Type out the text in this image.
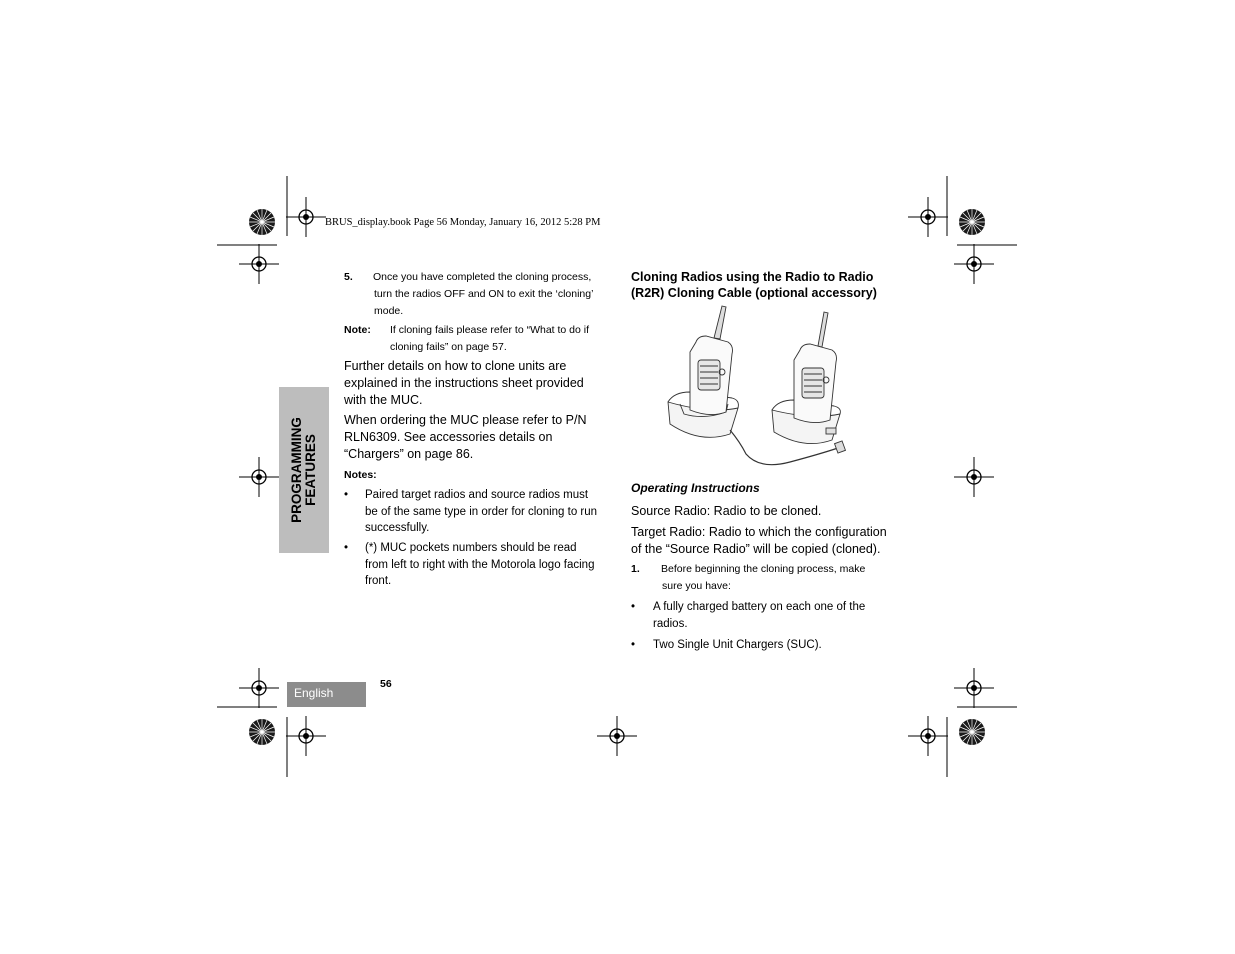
BRUS_display.book Page 56 Monday, January 16, 2012 5:28 PM
PROGRAMMING FEATURES
5. Once you have completed the cloning process,
turn the radios OFF and ON to exit the ‘cloning’
mode.
Note: If cloning fails please refer to “What to do if
cloning fails” on page 57.
Further details on how to clone units are
explained in the instructions sheet provided
with the MUC.
When ordering the MUC please refer to P/N
RLN6309. See accessories details on
“Chargers” on page 86.
Notes:
• Paired target radios and source radios must
be of the same type in order for cloning to run
successfully.
• (*) MUC pockets numbers should be read
from left to right with the Motorola logo facing
front.
Cloning Radios using the Radio to Radio
(R2R) Cloning Cable (optional accessory)
Operating Instructions
Source Radio: Radio to be cloned.
Target Radio: Radio to which the configuration
of the “Source Radio” will be copied (cloned).
1. Before beginning the cloning process, make
sure you have:
• A fully charged battery on each one of the
radios.
•	Two Single Unit Chargers (SUC).
English
56
